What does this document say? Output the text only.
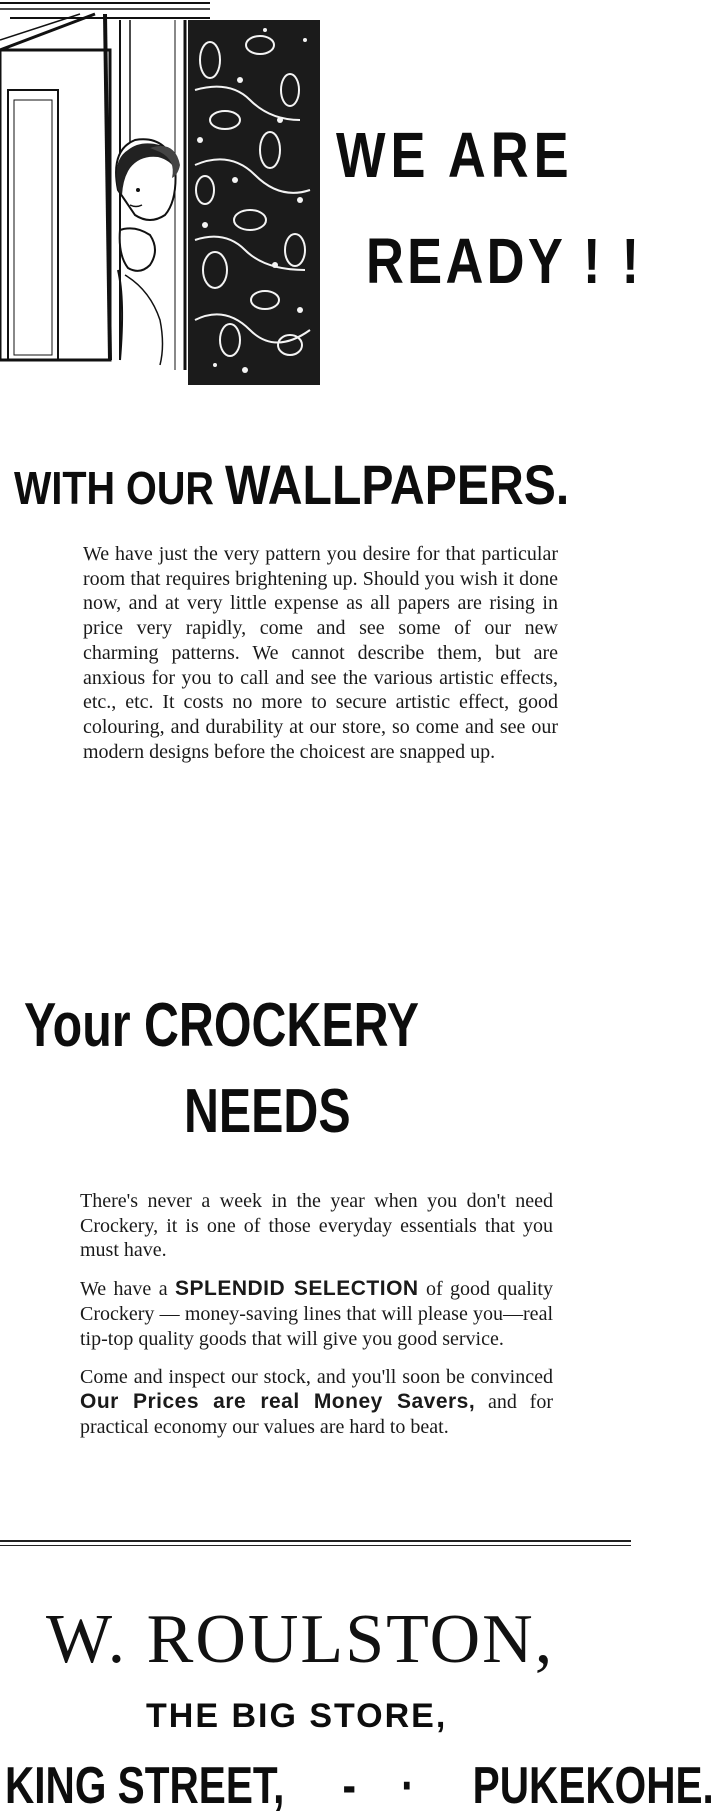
WE ARE
READY ! !
WITH OUR WALLPAPERS.

We have just the very pattern you desire for that particular room that requires brightening up. Should you wish it done now, and at very little expense as all papers are rising in price very rapidly, come and see some of our new charming patterns. We cannot describe them, but are anxious for you to call and see the various artistic effects, etc., etc. It costs no more to secure artistic effect, good colouring, and durability at our store, so come and see our modern designs before the choicest are snapped up.

Your CROCKERY
NEEDS

There's never a week in the year when you don't need Crockery, it is one of those everyday essentials that you must have.

We have a SPLENDID SELECTION of good quality Crockery — money-saving lines that will please you—real tip-top quality goods that will give you good service.

Come and inspect our stock, and you'll soon be convinced Our Prices are real Money Savers, and for practical economy our values are hard to beat.

W. ROULSTON,
THE BIG STORE,
KING STREET, -    · PUKEKOHE.
